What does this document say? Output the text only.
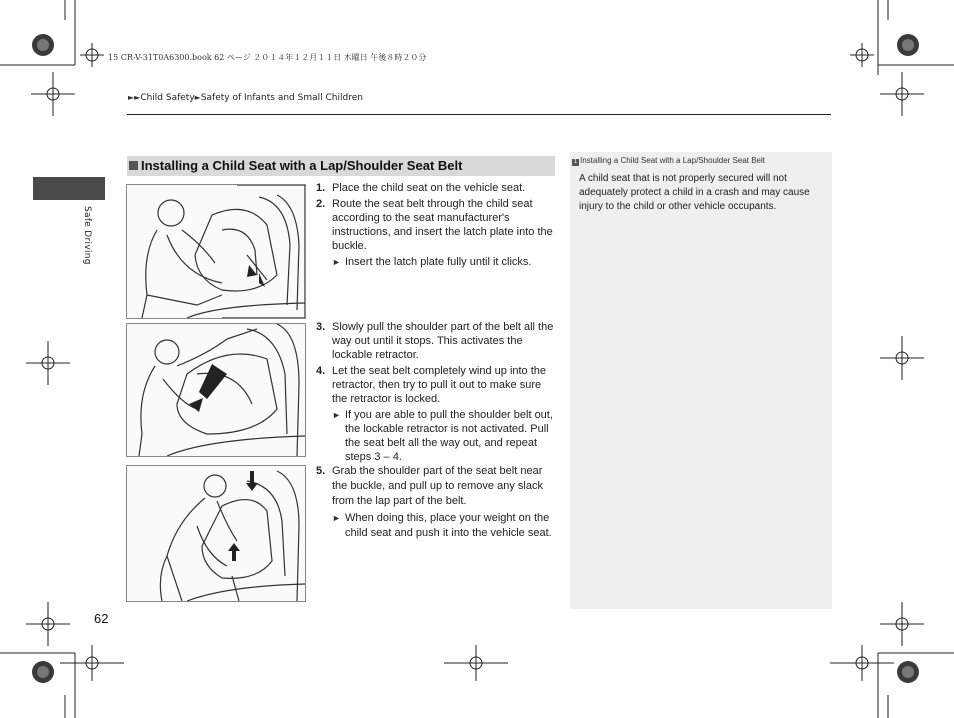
15 CR-V-31T0A6300.book 62 ページ ２０１４年１２月１１日 木曜日 午後８時２０分
►►Child Safety►Safety of Infants and Small Children
Safe Driving
Installing a Child Seat with a Lap/Shoulder Seat Belt
1. Place the child seat on the vehicle seat.
2. Route the seat belt through the child seat according to the seat manufacturer's instructions, and insert the latch plate into the buckle.
► Insert the latch plate fully until it clicks.
3. Slowly pull the shoulder part of the belt all the way out until it stops. This activates the lockable retractor.
4. Let the seat belt completely wind up into the retractor, then try to pull it out to make sure the retractor is locked.
► If you are able to pull the shoulder belt out, the lockable retractor is not activated. Pull the seat belt all the way out, and repeat steps 3 – 4.
5. Grab the shoulder part of the seat belt near the buckle, and pull up to remove any slack from the lap part of the belt.
► When doing this, place your weight on the child seat and push it into the vehicle seat.
1 Installing a Child Seat with a Lap/Shoulder Seat Belt
A child seat that is not properly secured will not adequately protect a child in a crash and may cause injury to the child or other vehicle occupants.
62
